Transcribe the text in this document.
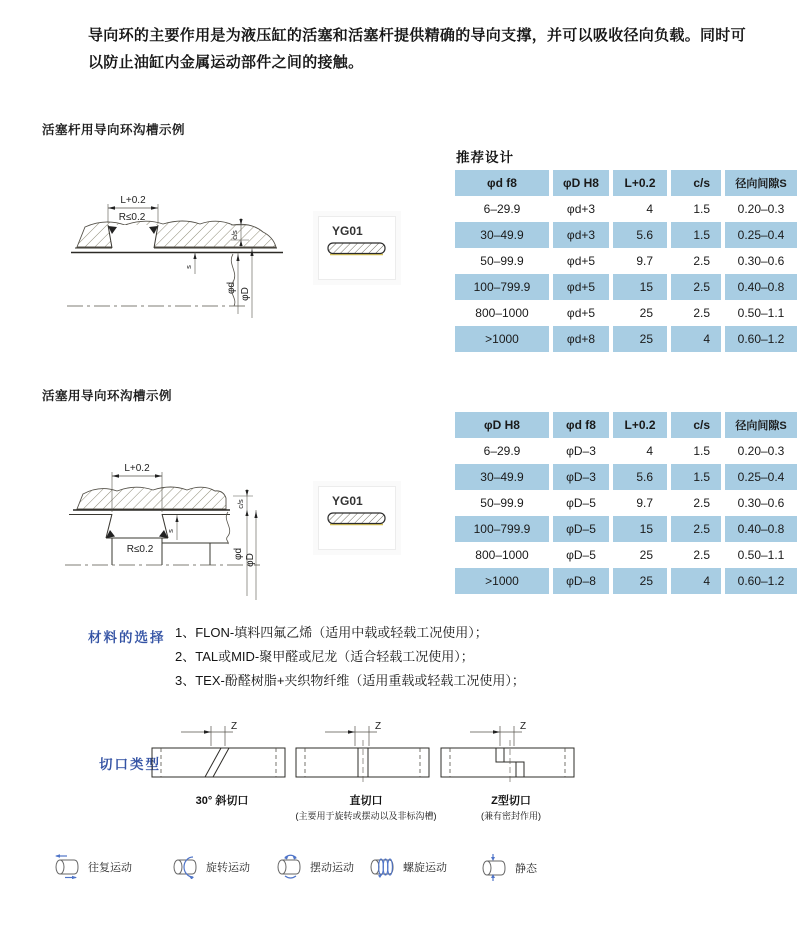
导向环的主要作用是为液压缸的活塞和活塞杆提供精确的导向支撑，并可以吸收径向负载。同时可以防止油缸内金属运动部件之间的接触。

活塞杆用导向环沟槽示例
L+0.2
R≤0.2
c/s
s
φd φD
YG01
推荐设计
φd f8	φD H8	L+0.2	c/s	径向间隙S
6–29.9	φd+3	4	1.5	0.20–0.3
30–49.9	φd+3	5.6	1.5	0.25–0.4
50–99.9	φd+5	9.7	2.5	0.30–0.6
100–799.9	φd+5	15	2.5	0.40–0.8
800–1000	φd+5	25	2.5	0.50–1.1
>1000	φd+8	25	4	0.60–1.2
活塞用导向环沟槽示例
L+0.2
R≤0.2
c/s
s
φd φD
YG01
φD H8	φd f8	L+0.2	c/s	径向间隙S
6–29.9	φD–3	4	1.5	0.20–0.3
30–49.9	φD–3	5.6	1.5	0.25–0.4
50–99.9	φD–5	9.7	2.5	0.30–0.6
100–799.9	φD–5	15	2.5	0.40–0.8
800–1000	φD–5	25	2.5	0.50–1.1
>1000	φD–8	25	4	0.60–1.2
材料的选择 1、FLON-填料四氟乙烯（适用中载或轻载工况使用）；
2、TAL或MID-聚甲醛或尼龙（适合轻载工况使用）；
3、TEX-酚醛树脂+夹织物纤维（适用重载或轻载工况使用）；
切口类型
Z
30° 斜切口
Z
直切口
(主要用于旋转或摆动以及非标沟槽)
Z
Z型切口
(兼有密封作用)
往复运动	旋转运动	摆动运动	螺旋运动	静态
